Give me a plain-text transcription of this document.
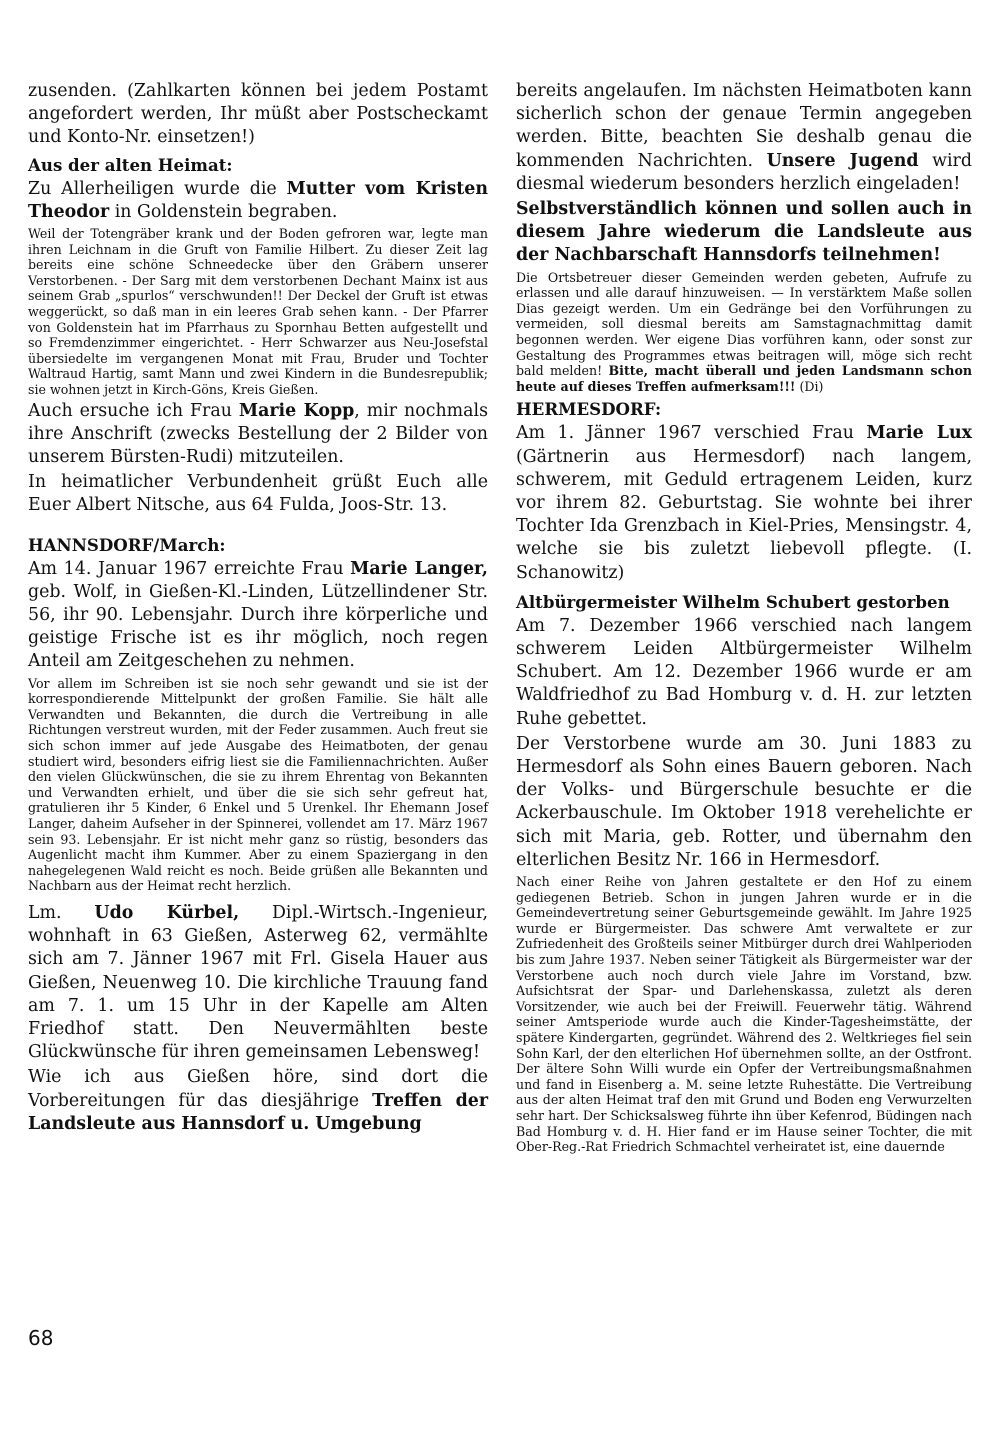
zusenden. (Zahlkarten können bei jedem Postamt angefordert werden, Ihr müßt aber Postscheckamt und Konto-Nr. einsetzen!)

Aus der alten Heimat:

Zu Allerheiligen wurde die Mutter vom Kristen Theodor in Goldenstein begraben.

Weil der Totengräber krank und der Boden gefroren war, legte man ihren Leichnam in die Gruft von Familie Hilbert. Zu dieser Zeit lag bereits eine schöne Schneedecke über den Gräbern unserer Verstorbenen. - Der Sarg mit dem verstorbenen Dechant Mainx ist aus seinem Grab „spurlos“ verschwunden!! Der Deckel der Gruft ist etwas weggerückt, so daß man in ein leeres Grab sehen kann. - Der Pfarrer von Goldenstein hat im Pfarrhaus zu Spornhau Betten aufgestellt und so Fremdenzimmer eingerichtet. - Herr Schwarzer aus Neu-Josefstal übersiedelte im vergangenen Monat mit Frau, Bruder und Tochter Waltraud Hartig, samt Mann und zwei Kindern in die Bundesrepublik; sie wohnen jetzt in Kirch-Göns, Kreis Gießen.

Auch ersuche ich Frau Marie Kopp, mir nochmals ihre Anschrift (zwecks Bestellung der 2 Bilder von unserem Bürsten-Rudi) mitzuteilen.

In heimatlicher Verbundenheit grüßt Euch alle Euer Albert Nitsche, aus 64 Fulda, Joos-Str. 13.

HANNSDORF/March:

Am 14. Januar 1967 erreichte Frau Marie Langer, geb. Wolf, in Gießen-Kl.-Linden, Lützellindener Str. 56, ihr 90. Lebensjahr. Durch ihre körperliche und geistige Frische ist es ihr möglich, noch regen Anteil am Zeitgeschehen zu nehmen.

Vor allem im Schreiben ist sie noch sehr gewandt und sie ist der korrespondierende Mittelpunkt der großen Familie. Sie hält alle Verwandten und Bekannten, die durch die Vertreibung in alle Richtungen verstreut wurden, mit der Feder zusammen. Auch freut sie sich schon immer auf jede Ausgabe des Heimatboten, der genau studiert wird, besonders eifrig liest sie die Familiennachrichten. Außer den vielen Glückwünschen, die sie zu ihrem Ehrentag von Bekannten und Verwandten erhielt, und über die sie sich sehr gefreut hat, gratulieren ihr 5 Kinder, 6 Enkel und 5 Urenkel. Ihr Ehemann Josef Langer, daheim Aufseher in der Spinnerei, vollendet am 17. März 1967 sein 93. Lebensjahr. Er ist nicht mehr ganz so rüstig, besonders das Augenlicht macht ihm Kummer. Aber zu einem Spaziergang in den nahegelegenen Wald reicht es noch. Beide grüßen alle Bekannten und Nachbarn aus der Heimat recht herzlich.

Lm. Udo Kürbel, Dipl.-Wirtsch.-Ingenieur, wohnhaft in 63 Gießen, Asterweg 62, vermählte sich am 7. Jänner 1967 mit Frl. Gisela Hauer aus Gießen, Neuenweg 10. Die kirchliche Trauung fand am 7. 1. um 15 Uhr in der Kapelle am Alten Friedhof statt. Den Neuvermählten beste Glückwünsche für ihren gemeinsamen Lebensweg!

Wie ich aus Gießen höre, sind dort die Vorbereitungen für das diesjährige Treffen der Landsleute aus Hannsdorf u. Umgebung

bereits angelaufen. Im nächsten Heimatboten kann sicherlich schon der genaue Termin angegeben werden. Bitte, beachten Sie deshalb genau die kommenden Nachrichten. Unsere Jugend wird diesmal wiederum besonders herzlich eingeladen!

Selbstverständlich können und sollen auch in diesem Jahre wiederum die Landsleute aus der Nachbarschaft Hannsdorfs teilnehmen!

Die Ortsbetreuer dieser Gemeinden werden gebeten, Aufrufe zu erlassen und alle darauf hinzuweisen. — In verstärktem Maße sollen Dias gezeigt werden. Um ein Gedränge bei den Vorführungen zu vermeiden, soll diesmal bereits am Samstagnachmittag damit begonnen werden. Wer eigene Dias vorführen kann, oder sonst zur Gestaltung des Programmes etwas beitragen will, möge sich recht bald melden! Bitte, macht überall und jeden Landsmann schon heute auf dieses Treffen aufmerksam!!! (Di)

HERMESDORF:

Am 1. Jänner 1967 verschied Frau Marie Lux (Gärtnerin aus Hermesdorf) nach langem, schwerem, mit Geduld ertragenem Leiden, kurz vor ihrem 82. Geburtstag. Sie wohnte bei ihrer Tochter Ida Grenzbach in Kiel-Pries, Mensingstr. 4, welche sie bis zuletzt liebevoll pflegte. (I. Schanowitz)

Altbürgermeister Wilhelm Schubert gestorben

Am 7. Dezember 1966 verschied nach langem schwerem Leiden Altbürgermeister Wilhelm Schubert. Am 12. Dezember 1966 wurde er am Waldfriedhof zu Bad Homburg v. d. H. zur letzten Ruhe gebettet.

Der Verstorbene wurde am 30. Juni 1883 zu Hermesdorf als Sohn eines Bauern geboren. Nach der Volks- und Bürgerschule besuchte er die Ackerbauschule. Im Oktober 1918 verehelichte er sich mit Maria, geb. Rotter, und übernahm den elterlichen Besitz Nr. 166 in Hermesdorf.

Nach einer Reihe von Jahren gestaltete er den Hof zu einem gediegenen Betrieb. Schon in jungen Jahren wurde er in die Gemeindevertretung seiner Geburtsgemeinde gewählt. Im Jahre 1925 wurde er Bürgermeister. Das schwere Amt verwaltete er zur Zufriedenheit des Großteils seiner Mitbürger durch drei Wahlperioden bis zum Jahre 1937. Neben seiner Tätigkeit als Bürgermeister war der Verstorbene auch noch durch viele Jahre im Vorstand, bzw. Aufsichtsrat der Spar- und Darlehenskassa, zuletzt als deren Vorsitzender, wie auch bei der Freiwill. Feuerwehr tätig. Während seiner Amtsperiode wurde auch die Kinder-Tagesheimstätte, der spätere Kindergarten, gegründet. Während des 2. Weltkrieges fiel sein Sohn Karl, der den elterlichen Hof übernehmen sollte, an der Ostfront. Der ältere Sohn Willi wurde ein Opfer der Vertreibungsmaßnahmen und fand in Eisenberg a. M. seine letzte Ruhestätte. Die Vertreibung aus der alten Heimat traf den mit Grund und Boden eng Verwurzelten sehr hart. Der Schicksalsweg führte ihn über Kefenrod, Büdingen nach Bad Homburg v. d. H. Hier fand er im Hause seiner Tochter, die mit Ober-Reg.-Rat Friedrich Schmachtel verheiratet ist, eine dauernde

68
